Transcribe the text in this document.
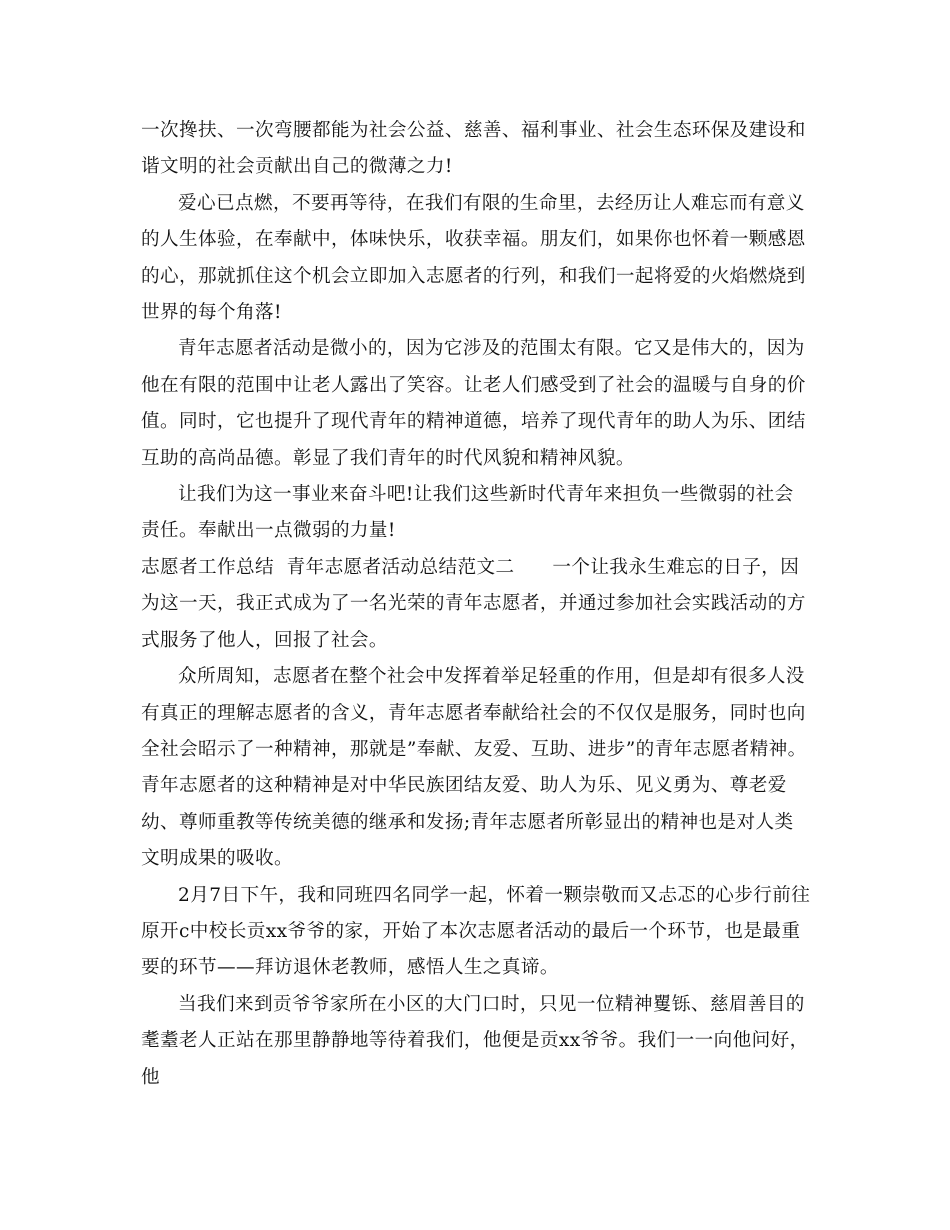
一次搀扶、一次弯腰都能为社会公益、慈善、福利事业、社会生态环保及建设和谐文明的社会贡献出自己的微薄之力!

爱心已点燃，不要再等待，在我们有限的生命里，去经历让人难忘而有意义的人生体验，在奉献中，体味快乐，收获幸福。朋友们，如果你也怀着一颗感恩的心，那就抓住这个机会立即加入志愿者的行列，和我们一起将爱的火焰燃烧到世界的每个角落!

青年志愿者活动是微小的，因为它涉及的范围太有限。它又是伟大的，因为他在有限的范围中让老人露出了笑容。让老人们感受到了社会的温暖与自身的价值。同时，它也提升了现代青年的精神道德，培养了现代青年的助人为乐、团结互助的高尚品德。彰显了我们青年的时代风貌和精神风貌。

让我们为这一事业来奋斗吧!让我们这些新时代青年来担负一些微弱的社会责任。奉献出一点微弱的力量!

志愿者工作总结  青年志愿者活动总结范文二      一个让我永生难忘的日子，因为这一天，我正式成为了一名光荣的青年志愿者，并通过参加社会实践活动的方式服务了他人，回报了社会。

众所周知，志愿者在整个社会中发挥着举足轻重的作用，但是却有很多人没有真正的理解志愿者的含义，青年志愿者奉献给社会的不仅仅是服务，同时也向全社会昭示了一种精神，那就是”奉献、友爱、互助、进步”的青年志愿者精神。青年志愿者的这种精神是对中华民族团结友爱、助人为乐、见义勇为、尊老爱幼、尊师重教等传统美德的继承和发扬;青年志愿者所彰显出的精神也是对人类文明成果的吸收。

2月7日下午，我和同班四名同学一起，怀着一颗崇敬而又忐忑的心步行前往原开c中校长贡xx爷爷的家，开始了本次志愿者活动的最后一个环节，也是最重要的环节——拜访退休老教师，感悟人生之真谛。

当我们来到贡爷爷家所在小区的大门口时，只见一位精神矍铄、慈眉善目的耄耋老人正站在那里静静地等待着我们，他便是贡xx爷爷。我们一一向他问好，他
